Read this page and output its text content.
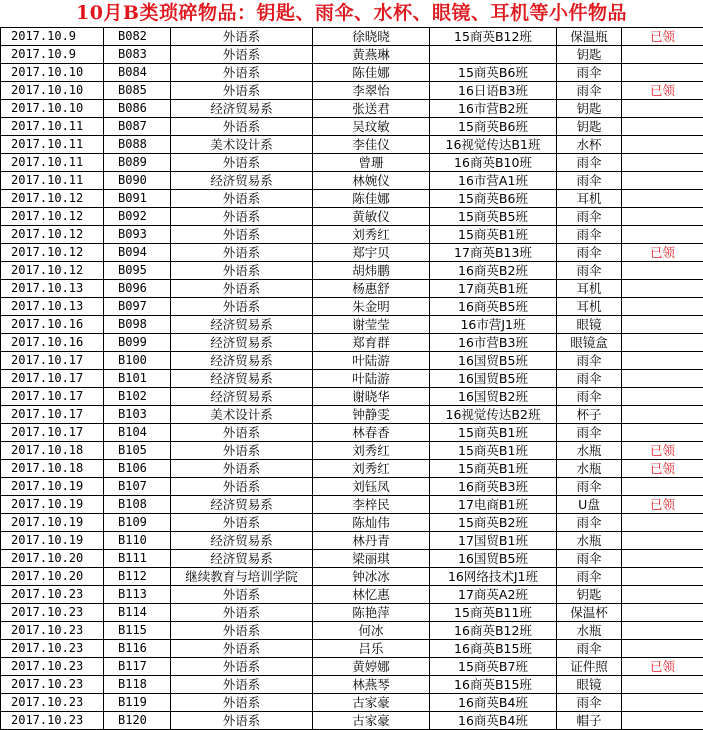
10月B类琐碎物品：钥匙、雨伞、水杯、眼镜、耳机等小件物品
2017.10.9	B082	外语系	徐晓晓	15商英B12班	保温瓶	已领
2017.10.9	B083	外语系	黄燕琳		钥匙	
2017.10.10	B084	外语系	陈佳娜	15商英B6班	雨伞	
2017.10.10	B085	外语系	李翠怡	16日语B3班	雨伞	已领
2017.10.10	B086	经济贸易系	张送君	16市营B2班	钥匙	
2017.10.11	B087	外语系	吴玟敏	15商英B6班	钥匙	
2017.10.11	B088	美术设计系	李佳仪	16视觉传达B1班	水杯	
2017.10.11	B089	外语系	曾珊	16商英B10班	雨伞	
2017.10.11	B090	经济贸易系	林婉仪	16市营A1班	雨伞	
2017.10.12	B091	外语系	陈佳娜	15商英B6班	耳机	
2017.10.12	B092	外语系	黄敏仪	15商英B5班	雨伞	
2017.10.12	B093	外语系	刘秀红	15商英B1班	雨伞	
2017.10.12	B094	外语系	郑宇贝	17商英B13班	雨伞	已领
2017.10.12	B095	外语系	胡炜鹏	16商英B2班	雨伞	
2017.10.13	B096	外语系	杨惠舒	17商英B1班	耳机	
2017.10.13	B097	外语系	朱金明	16商英B5班	耳机	
2017.10.16	B098	经济贸易系	谢莹莹	16市营J1班	眼镜	
2017.10.16	B099	经济贸易系	郑育群	16市营B3班	眼镜盒	
2017.10.17	B100	经济贸易系	叶陆游	16国贸B5班	雨伞	
2017.10.17	B101	经济贸易系	叶陆游	16国贸B5班	雨伞	
2017.10.17	B102	经济贸易系	谢晓华	16国贸B2班	雨伞	
2017.10.17	B103	美术设计系	钟静雯	16视觉传达B2班	杯子	
2017.10.17	B104	外语系	林春香	15商英B1班	雨伞	
2017.10.18	B105	外语系	刘秀红	15商英B1班	水瓶	已领
2017.10.18	B106	外语系	刘秀红	15商英B1班	水瓶	已领
2017.10.19	B107	外语系	刘钰凤	16商英B3班	雨伞	
2017.10.19	B108	经济贸易系	李梓民	17电商B1班	U盘	已领
2017.10.19	B109	外语系	陈灿伟	15商英B2班	雨伞	
2017.10.19	B110	经济贸易系	林丹青	17国贸B1班	水瓶	
2017.10.20	B111	经济贸易系	梁丽琪	16国贸B5班	雨伞	
2017.10.20	B112	继续教育与培训学院	钟冰冰	16网络技术J1班	雨伞	
2017.10.23	B113	外语系	林忆惠	17商英A2班	钥匙	
2017.10.23	B114	外语系	陈艳萍	15商英B11班	保温杯	
2017.10.23	B115	外语系	何冰	16商英B12班	水瓶	
2017.10.23	B116	外语系	吕乐	16商英B15班	雨伞	
2017.10.23	B117	外语系	黄婷娜	15商英B7班	证件照	已领
2017.10.23	B118	外语系	林燕琴	16商英B15班	眼镜	
2017.10.23	B119	外语系	古家豪	16商英B4班	雨伞	
2017.10.23	B120	外语系	古家豪	16商英B4班	帽子	
